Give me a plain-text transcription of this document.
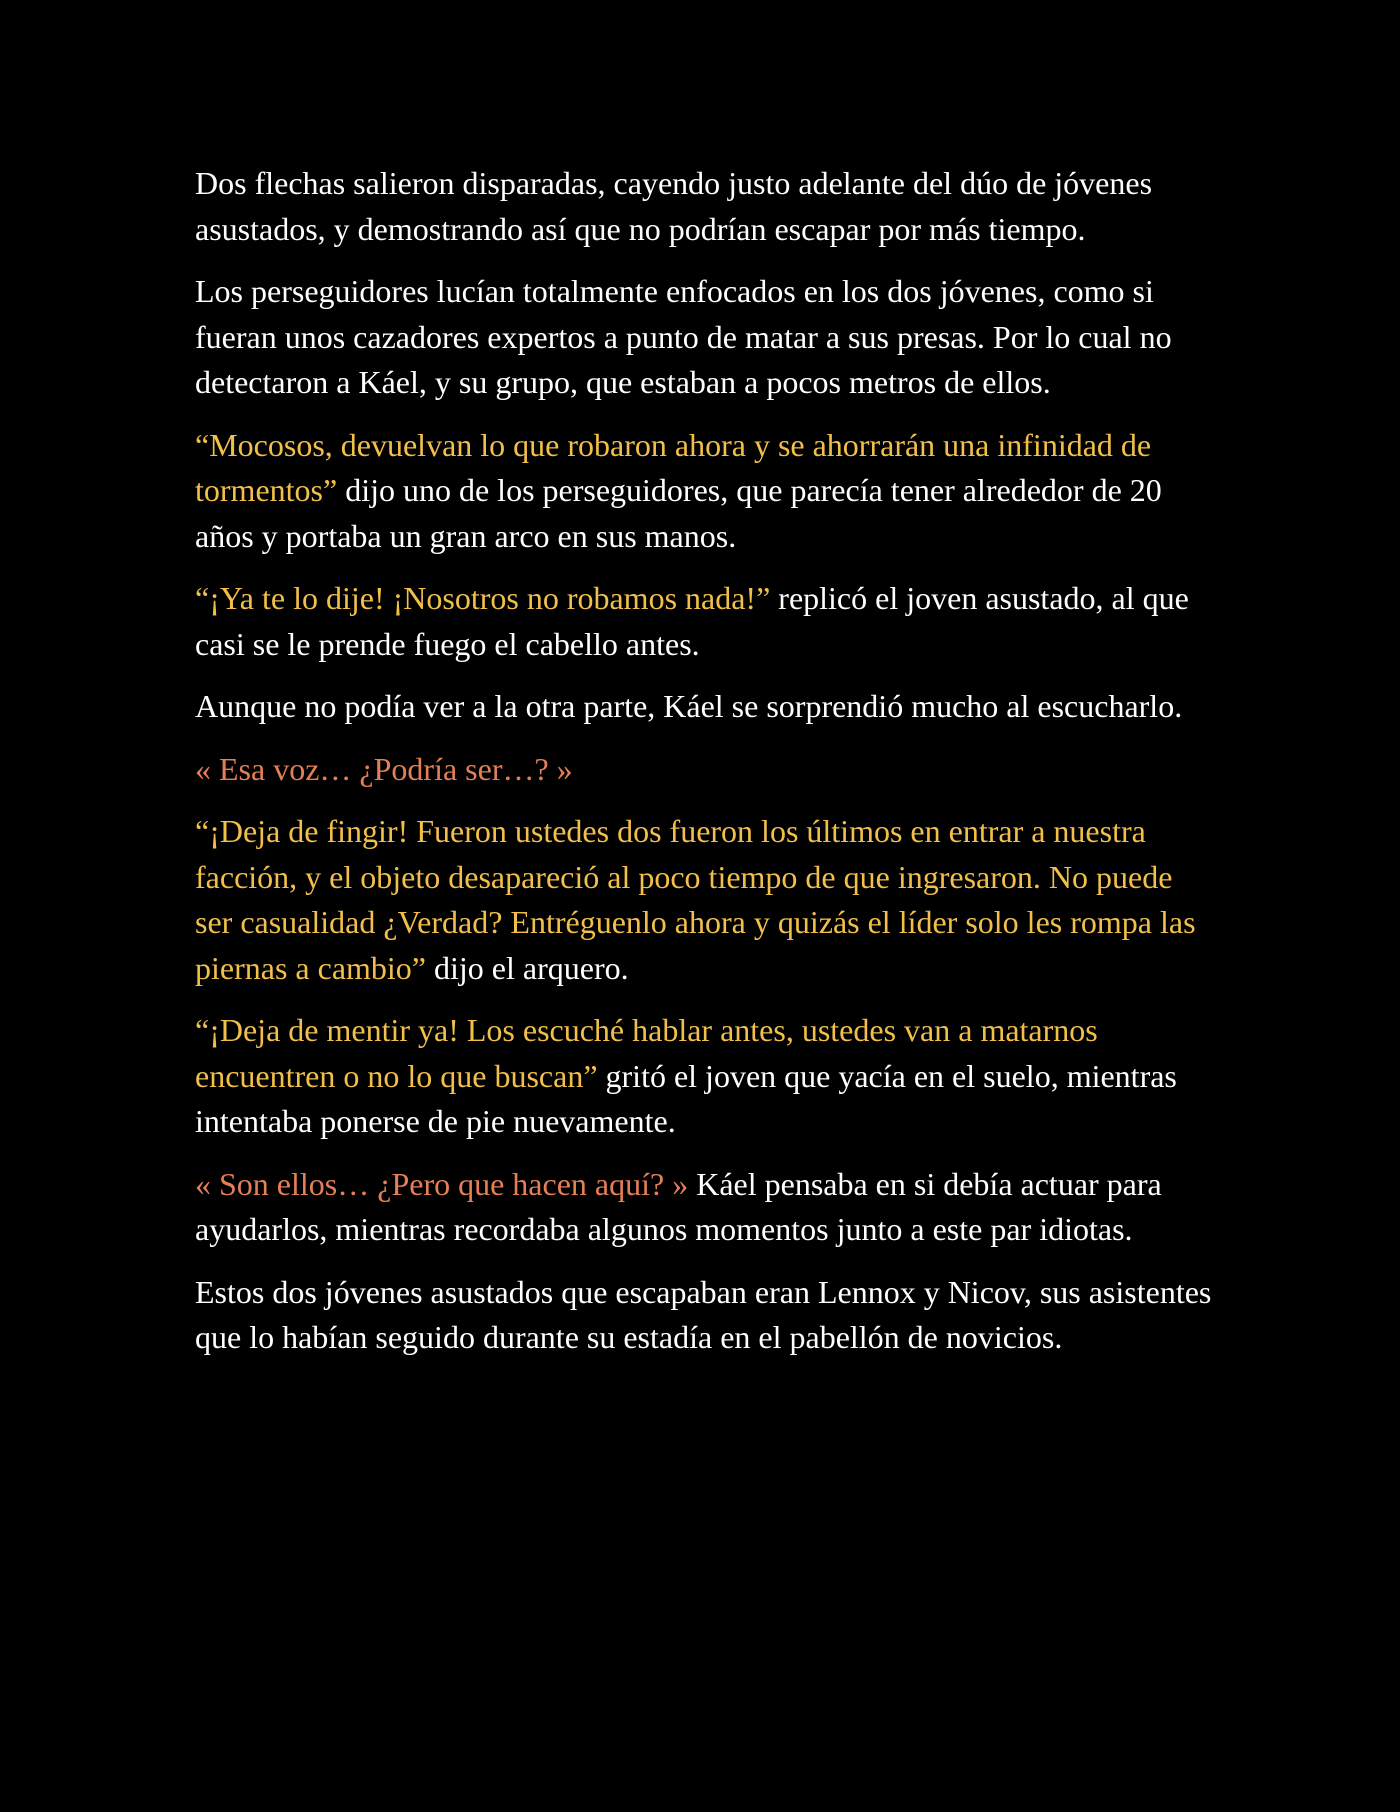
Dos flechas salieron disparadas, cayendo justo adelante del dúo de jóvenes asustados, y demostrando así que no podrían escapar por más tiempo.

Los perseguidores lucían totalmente enfocados en los dos jóvenes, como si fueran unos cazadores expertos a punto de matar a sus presas. Por lo cual no detectaron a Káel, y su grupo, que estaban a pocos metros de ellos.

“Mocosos, devuelvan lo que robaron ahora y se ahorrarán una infinidad de tormentos” dijo uno de los perseguidores, que parecía tener alrededor de 20 años y portaba un gran arco en sus manos.

“¡Ya te lo dije! ¡Nosotros no robamos nada!” replicó el joven asustado, al que casi se le prende fuego el cabello antes.

Aunque no podía ver a la otra parte, Káel se sorprendió mucho al escucharlo.

« Esa voz… ¿Podría ser…? »

“¡Deja de fingir! Fueron ustedes dos fueron los últimos en entrar a nuestra facción, y el objeto desapareció al poco tiempo de que ingresaron. No puede ser casualidad ¿Verdad? Entréguenlo ahora y quizás el líder solo les rompa las piernas a cambio” dijo el arquero.

“¡Deja de mentir ya! Los escuché hablar antes, ustedes van a matarnos encuentren o no lo que buscan” gritó el joven que yacía en el suelo, mientras intentaba ponerse de pie nuevamente.

« Son ellos… ¿Pero que hacen aquí? » Káel pensaba en si debía actuar para ayudarlos, mientras recordaba algunos momentos junto a este par idiotas.

Estos dos jóvenes asustados que escapaban eran Lennox y Nicov, sus asistentes que lo habían seguido durante su estadía en el pabellón de novicios.
